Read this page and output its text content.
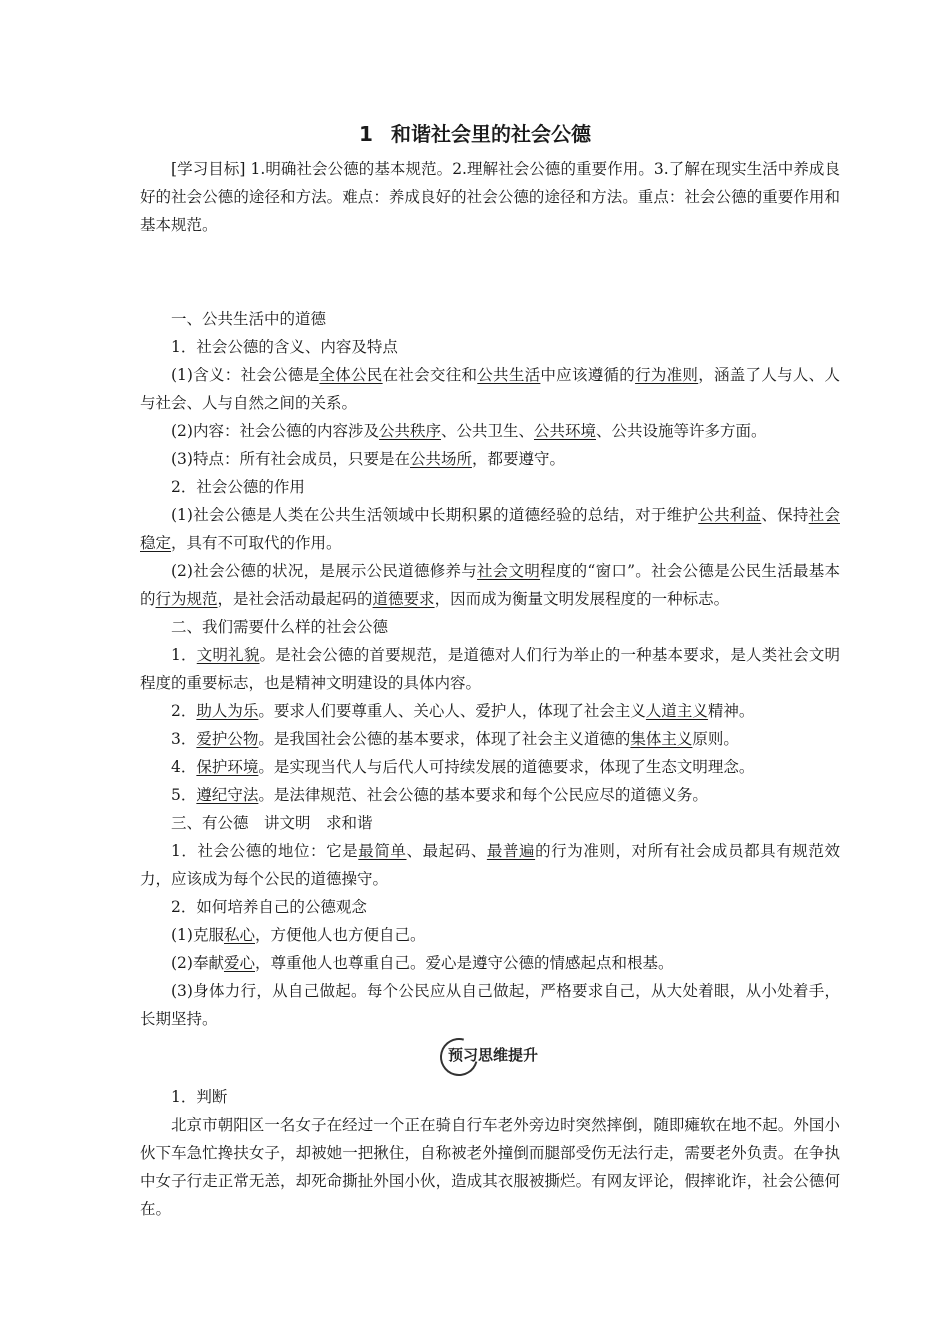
1 和谐社会里的社会公德

[学习目标] 1.明确社会公德的基本规范。2.理解社会公德的重要作用。3.了解在现实生活中养成良好的社会公德的途径和方法。难点：养成良好的社会公德的途径和方法。重点：社会公德的重要作用和基本规范。

一、公共生活中的道德

1．社会公德的含义、内容及特点

(1)含义：社会公德是全体公民在社会交往和公共生活中应该遵循的行为准则，涵盖了人与人、人与社会、人与自然之间的关系。

(2)内容：社会公德的内容涉及公共秩序、公共卫生、公共环境、公共设施等许多方面。

(3)特点：所有社会成员，只要是在公共场所，都要遵守。

2．社会公德的作用

(1)社会公德是人类在公共生活领域中长期积累的道德经验的总结，对于维护公共利益、保持社会稳定，具有不可取代的作用。

(2)社会公德的状况，是展示公民道德修养与社会文明程度的“窗口”。社会公德是公民生活最基本的行为规范，是社会活动最起码的道德要求，因而成为衡量文明发展程度的一种标志。

二、我们需要什么样的社会公德

1．文明礼貌。是社会公德的首要规范，是道德对人们行为举止的一种基本要求，是人类社会文明程度的重要标志，也是精神文明建设的具体内容。

2．助人为乐。要求人们要尊重人、关心人、爱护人，体现了社会主义人道主义精神。

3．爱护公物。是我国社会公德的基本要求，体现了社会主义道德的集体主义原则。

4．保护环境。是实现当代人与后代人可持续发展的道德要求，体现了生态文明理念。

5．遵纪守法。是法律规范、社会公德的基本要求和每个公民应尽的道德义务。

三、有公德　讲文明　求和谐

1．社会公德的地位：它是最简单、最起码、最普遍的行为准则，对所有社会成员都具有规范效力，应该成为每个公民的道德操守。

2．如何培养自己的公德观念

(1)克服私心，方便他人也方便自己。

(2)奉献爱心，尊重他人也尊重自己。爱心是遵守公德的情感起点和根基。

(3)身体力行，从自己做起。每个公民应从自己做起，严格要求自己，从大处着眼，从小处着手，长期坚持。

预习思维提升

1．判断

北京市朝阳区一名女子在经过一个正在骑自行车老外旁边时突然摔倒，随即瘫软在地不起。外国小伙下车急忙搀扶女子，却被她一把揪住，自称被老外撞倒而腿部受伤无法行走，需要老外负责。在争执中女子行走正常无恙，却死命撕扯外国小伙，造成其衣服被撕烂。有网友评论，假摔讹诈，社会公德何在。
